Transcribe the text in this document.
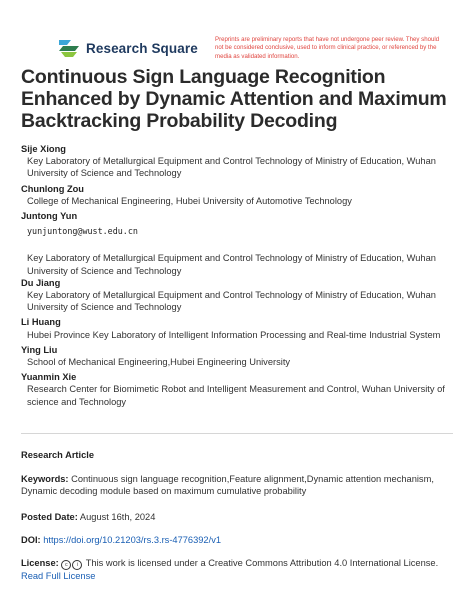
Research Square
Preprints are preliminary reports that have not undergone peer review. They should not be considered conclusive, used to inform clinical practice, or referenced by the media as validated information.
Continuous Sign Language Recognition Enhanced by Dynamic Attention and Maximum Backtracking Probability Decoding
Sije Xiong
Key Laboratory of Metallurgical Equipment and Control Technology of Ministry of Education, Wuhan University of Science and Technology
Chunlong Zou
College of Mechanical Engineering, Hubei University of Automotive Technology
Juntong Yun
yunjuntong@wust.edu.cn
Key Laboratory of Metallurgical Equipment and Control Technology of Ministry of Education, Wuhan University of Science and Technology
Du Jiang
Key Laboratory of Metallurgical Equipment and Control Technology of Ministry of Education, Wuhan University of Science and Technology
Li Huang
Hubei Province Key Laboratory of Intelligent Information Processing and Real-time Industrial System
Ying Liu
School of Mechanical Engineering,Hubei Engineering University
Yuanmin Xie
Research Center for Biomimetic Robot and Intelligent Measurement and Control, Wuhan University of science and Technology
Research Article
Keywords: Continuous sign language recognition,Feature alignment,Dynamic attention mechanism, Dynamic decoding module based on maximum cumulative probability
Posted Date: August 16th, 2024
DOI: https://doi.org/10.21203/rs.3.rs-4776392/v1
License: c i This work is licensed under a Creative Commons Attribution 4.0 International License.
Read Full License
